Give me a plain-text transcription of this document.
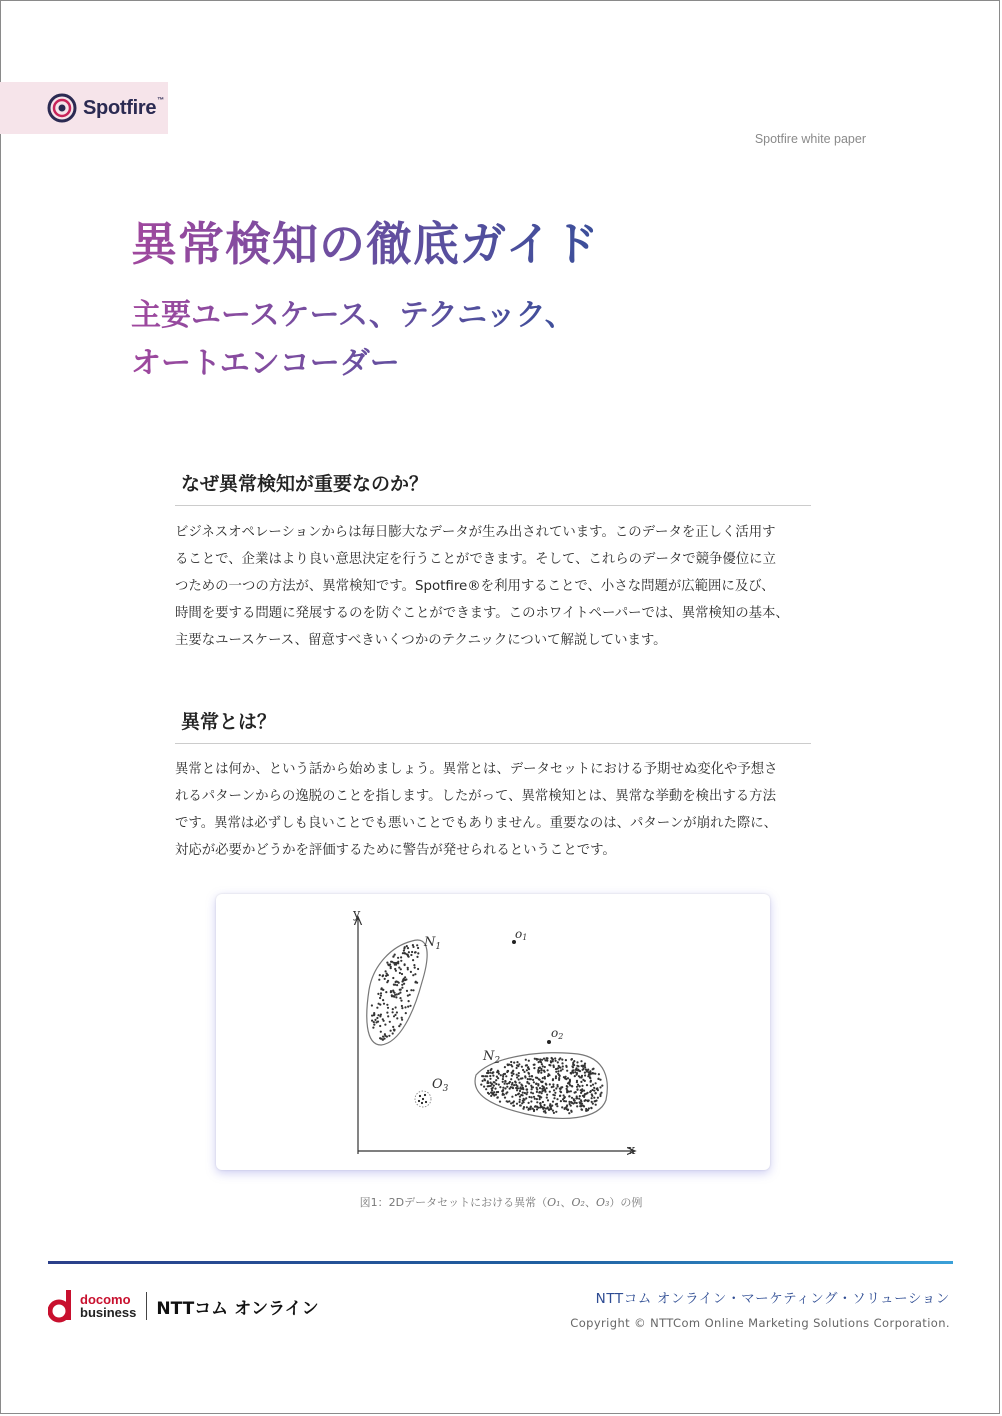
Spotfire™
Spotfire white paper
異常検知の徹底ガイド
主要ユースケース、テクニック、
オートエンコーダー
なぜ異常検知が重要なのか？

ビジネスオペレーションからは毎日膨大なデータが生み出されています。このデータを正しく活用す

ることで、企業はより良い意思決定を行うことができます。そして、これらのデータで競争優位に立

つための一つの方法が、異常検知です。Spotfire®を利用することで、小さな問題が広範囲に及び、

時間を要する問題に発展するのを防ぐことができます。このホワイトペーパーでは、異常検知の基本、

主要なユースケース、留意すべきいくつかのテクニックについて解説しています。

異常とは？

異常とは何か、という話から始めましょう。異常とは、データセットにおける予期せぬ変化や予想さ

れるパターンからの逸脱のことを指します。したがって、異常検知とは、異常な挙動を検出する方法

です。異常は必ずしも良いことでも悪いことでもありません。重要なのは、パターンが崩れた際に、

対応が必要かどうかを評価するために警告が発せられるということです。

y
x
$N_1$
o1
o2
$N_2$
$O_3$
図1：2Dデータセットにおける異常（O₁、O₂、O₃）の例
docomo
business NTTコム オンライン	NTTコム オンライン・マーケティング・ソリューション
Copyright © NTTCom Online Marketing Solutions Corporation.
